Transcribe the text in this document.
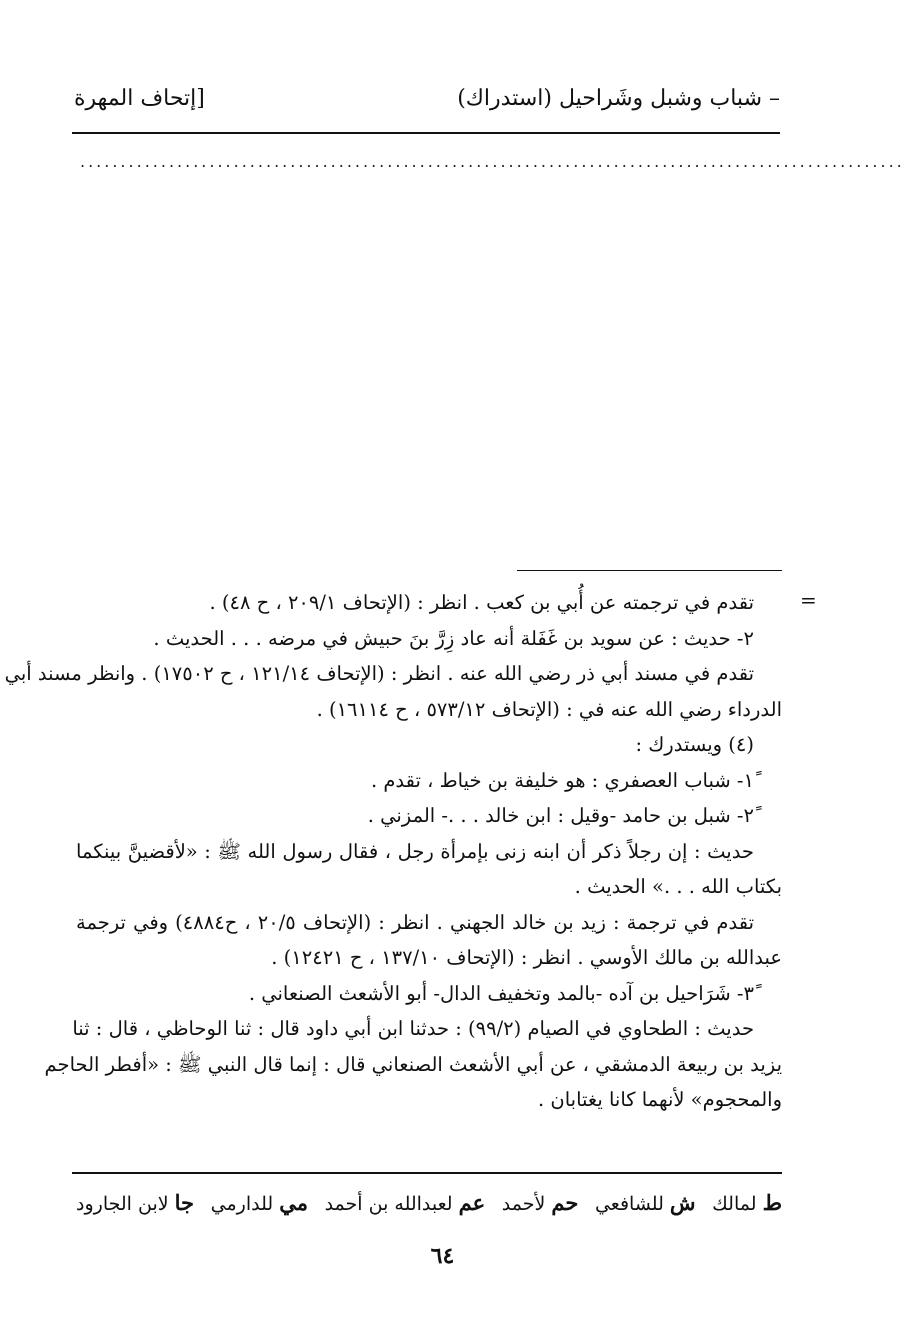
– شباب وشبل وشَراحيل (استدراك)
[إتحاف المهرة
......................................................................................................
=
تقدم في ترجمته عن أُبي بن كعب . انظر : (الإتحاف ٢٠٩/١ ، ح ٤٨) .
٢- حديث : عن سويد بن غَفَلة أنه عاد زِرَّ بنَ حبيش في مرضه . . . الحديث .
تقدم في مسند أبي ذر رضي الله عنه . انظر : (الإتحاف ١٢١/١٤ ، ح ١٧٥٠٢) . وانظر مسند أبي
الدرداء رضي الله عنه في : (الإتحاف ٥٧٣/١٢ ، ح ١٦١١٤) .
(٤) ويستدرك :
١ً- شباب العصفري : هو خليفة بن خياط ، تقدم .
٢ً- شبل بن حامد -وقيل : ابن خالد . . .- المزني .
حديث : إن رجلاً ذكر أن ابنه زنى بإمرأة رجل ، فقال رسول الله ﷺ : «لأقضينَّ بينكما
بكتاب الله . . .» الحديث .
تقدم في ترجمة : زيد بن خالد الجهني . انظر : (الإتحاف ٢٠/٥ ، ح٤٨٨٤) وفي ترجمة
عبدالله بن مالك الأوسي . انظر : (الإتحاف ١٣٧/١٠ ، ح ١٢٤٢١) .
٣ً- شَرَاحيل بن آده -بالمد وتخفيف الدال- أبو الأشعث الصنعاني .
حديث : الطحاوي في الصيام (٩٩/٢) : حدثنا ابن أبي داود قال : ثنا الوحاظي ، قال : ثنا
يزيد بن ربيعة الدمشقي ، عن أبي الأشعث الصنعاني قال : إنما قال النبي ﷺ : «أفطر الحاجم
والمحجوم» لأنهما كانا يغتابان .
ط لمالك
ش للشافعي
حم لأحمد
عم لعبدالله بن أحمد
مي للدارمي
جا لابن الجارود
٦٤
